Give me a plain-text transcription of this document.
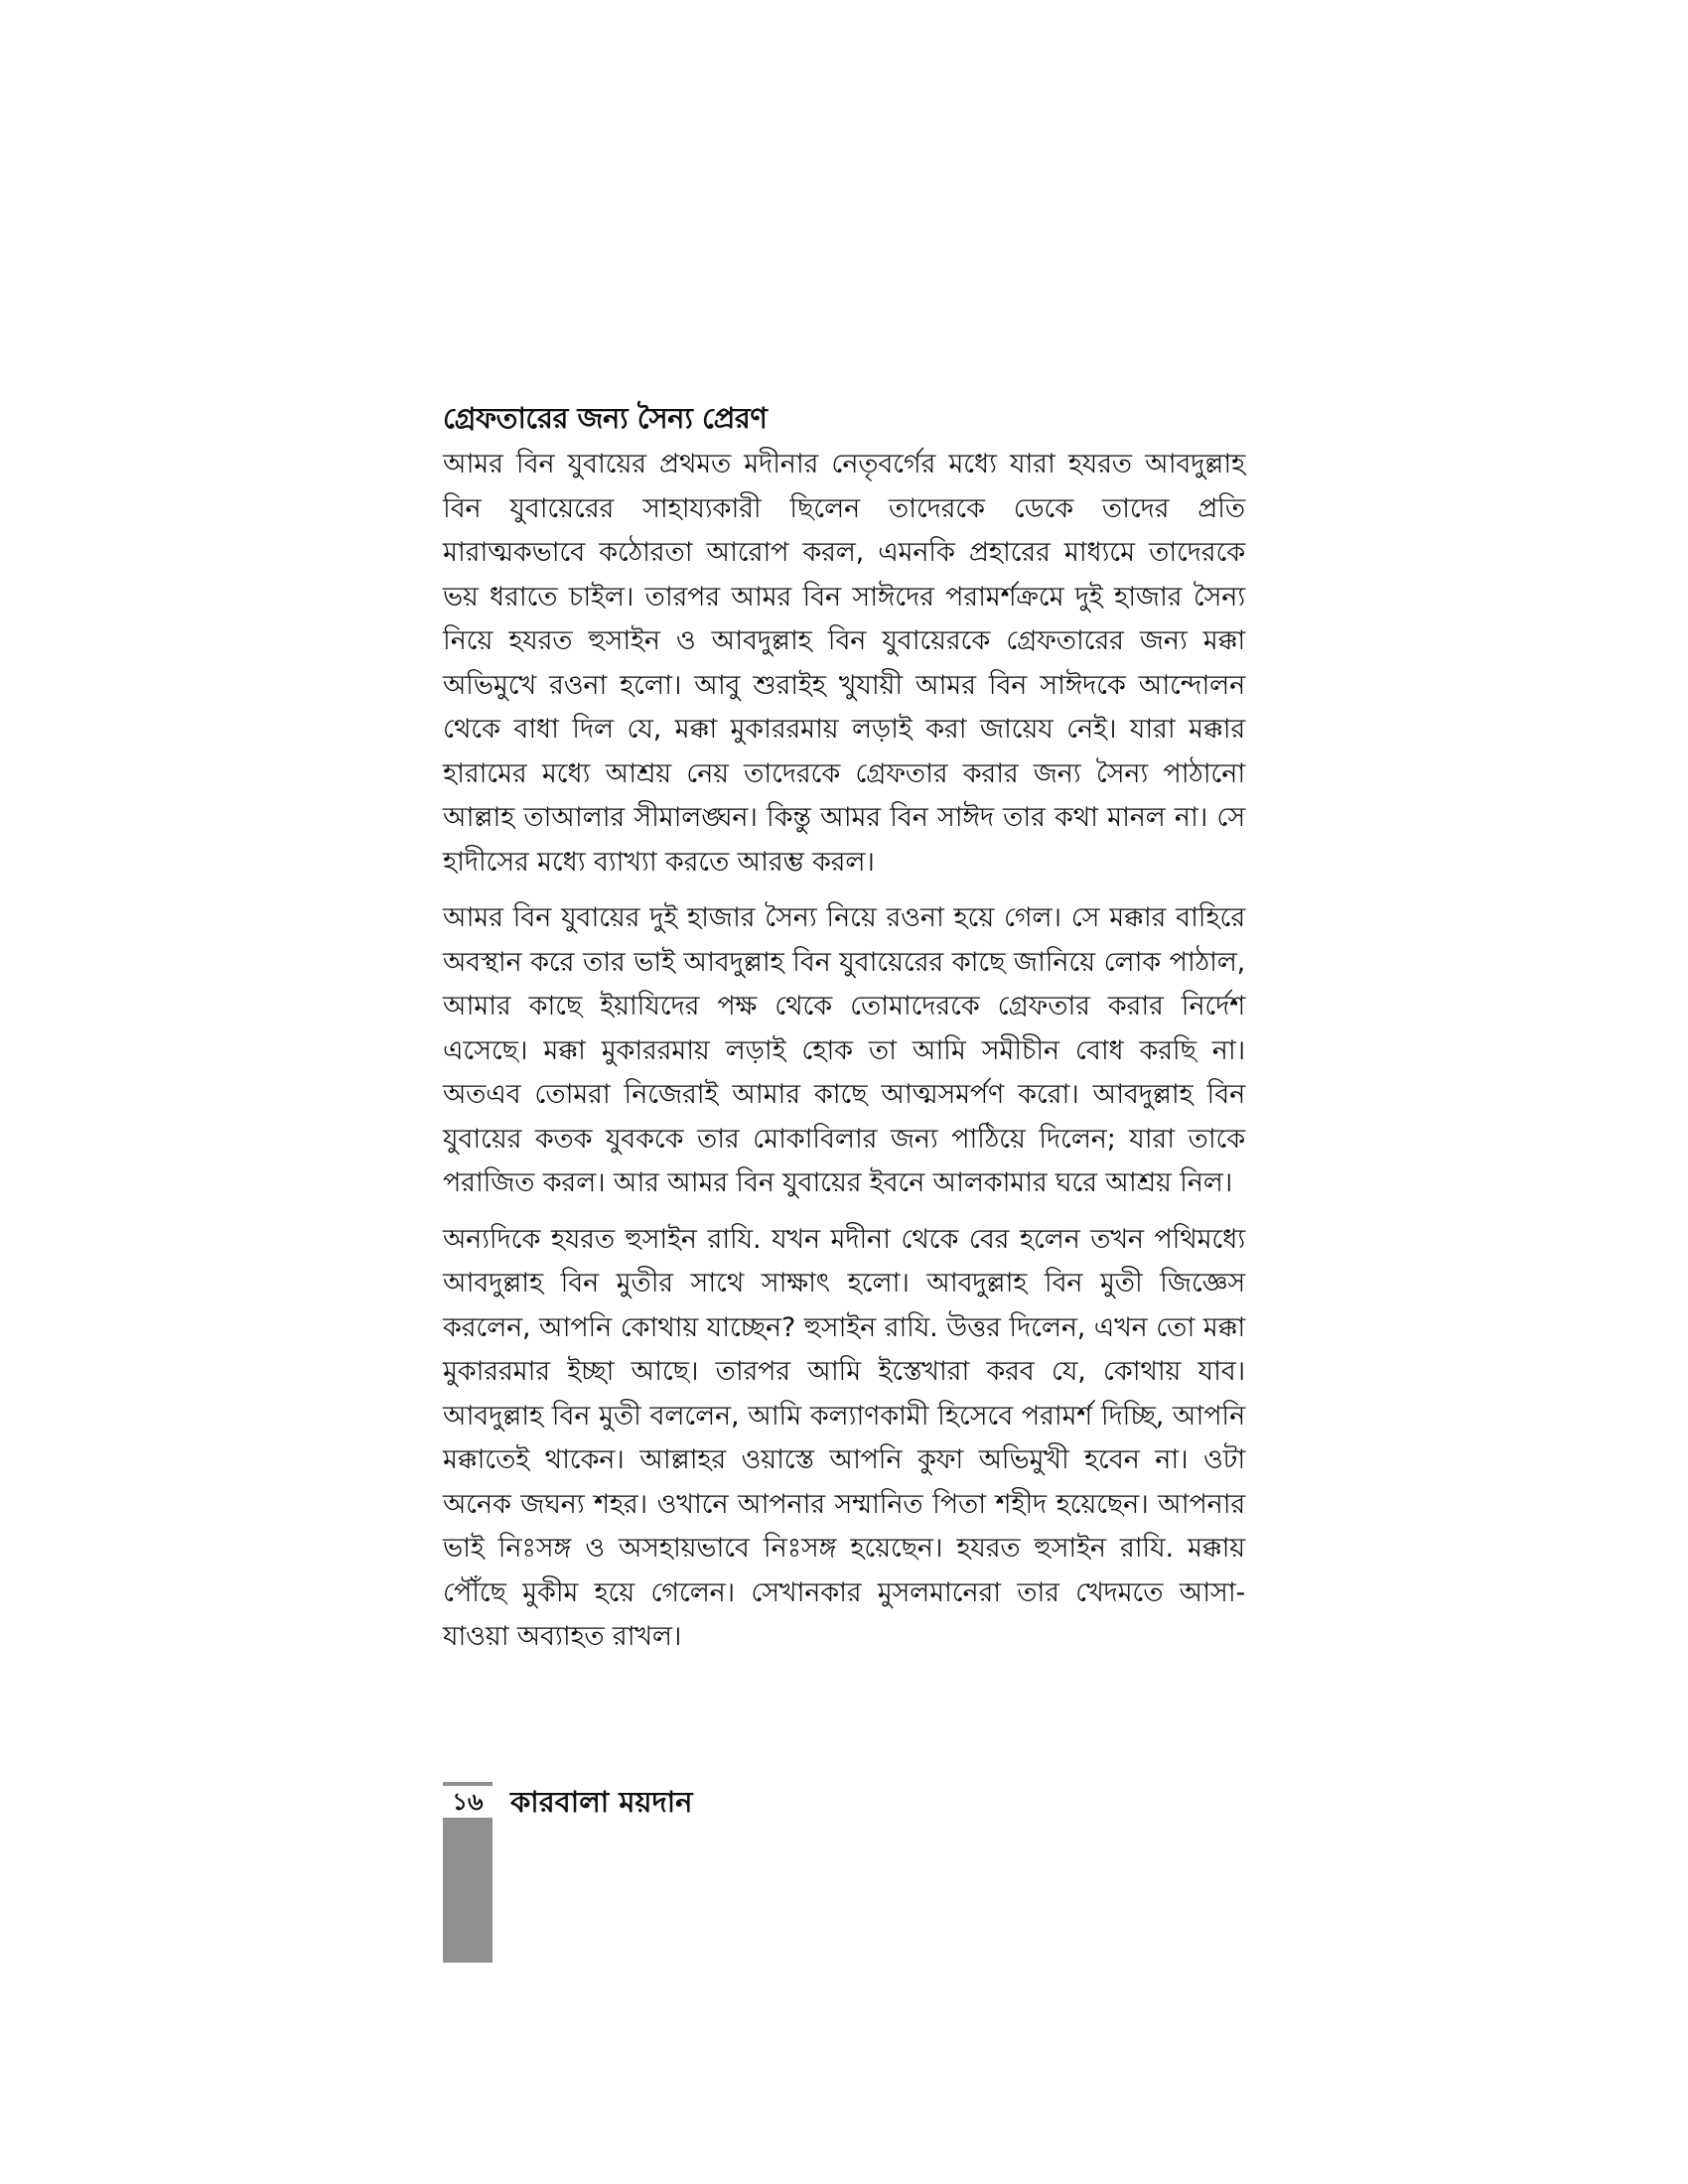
গ্রেফতারের জন্য সৈন্য প্রেরণ

আমর বিন যুবায়ের প্রথমত মদীনার নেতৃবর্গের মধ্যে যারা হযরত আবদুল্লাহ বিন যুবায়েরের সাহায্যকারী ছিলেন তাদেরকে ডেকে তাদের প্রতি মারাত্মকভাবে কঠোরতা আরোপ করল, এমনকি প্রহারের মাধ্যমে তাদেরকে ভয় ধরাতে চাইল। তারপর আমর বিন সাঈদের পরামর্শক্রমে দুই হাজার সৈন্য নিয়ে হযরত হুসাইন ও আবদুল্লাহ বিন যুবায়েরকে গ্রেফতারের জন্য মক্কা অভিমুখে রওনা হলো। আবু শুরাইহ খুযায়ী আমর বিন সাঈদকে আন্দোলন থেকে বাধা দিল যে, মক্কা মুকাররমায় লড়াই করা জায়েয নেই। যারা মক্কার হারামের মধ্যে আশ্রয় নেয় তাদেরকে গ্রেফতার করার জন্য সৈন্য পাঠানো আল্লাহ তাআলার সীমালঙ্ঘন। কিন্তু আমর বিন সাঈদ তার কথা মানল না। সে হাদীসের মধ্যে ব্যাখ্যা করতে আরম্ভ করল।

আমর বিন যুবায়ের দুই হাজার সৈন্য নিয়ে রওনা হয়ে গেল। সে মক্কার বাহিরে অবস্থান করে তার ভাই আবদুল্লাহ বিন যুবায়েরের কাছে জানিয়ে লোক পাঠাল, আমার কাছে ইয়াযিদের পক্ষ থেকে তোমাদেরকে গ্রেফতার করার নির্দেশ এসেছে। মক্কা মুকাররমায় লড়াই হোক তা আমি সমীচীন বোধ করছি না। অতএব তোমরা নিজেরাই আমার কাছে আত্মসমর্পণ করো। আবদুল্লাহ বিন যুবায়ের কতক যুবককে তার মোকাবিলার জন্য পাঠিয়ে দিলেন; যারা তাকে পরাজিত করল। আর আমর বিন যুবায়ের ইবনে আলকামার ঘরে আশ্রয় নিল।

অন্যদিকে হযরত হুসাইন রাযি. যখন মদীনা থেকে বের হলেন তখন পথিমধ্যে আবদুল্লাহ বিন মুতীর সাথে সাক্ষাৎ হলো। আবদুল্লাহ বিন মুতী জিজ্ঞেস করলেন, আপনি কোথায় যাচ্ছেন? হুসাইন রাযি. উত্তর দিলেন, এখন তো মক্কা মুকাররমার ইচ্ছা আছে। তারপর আমি ইস্তেখারা করব যে, কোথায় যাব। আবদুল্লাহ বিন মুতী বললেন, আমি কল্যাণকামী হিসেবে পরামর্শ দিচ্ছি, আপনি মক্কাতেই থাকেন। আল্লাহর ওয়াস্তে আপনি কুফা অভিমুখী হবেন না। ওটা অনেক জঘন্য শহর। ওখানে আপনার সম্মানিত পিতা শহীদ হয়েছেন। আপনার ভাই নিঃসঙ্গ ও অসহায়ভাবে নিঃসঙ্গ হয়েছেন। হযরত হুসাইন রাযি. মক্কায় পৌঁছে মুকীম হয়ে গেলেন। সেখানকার মুসলমানেরা তার খেদমতে আসা-যাওয়া অব্যাহত রাখল।

১৬ কারবালা ময়দান
